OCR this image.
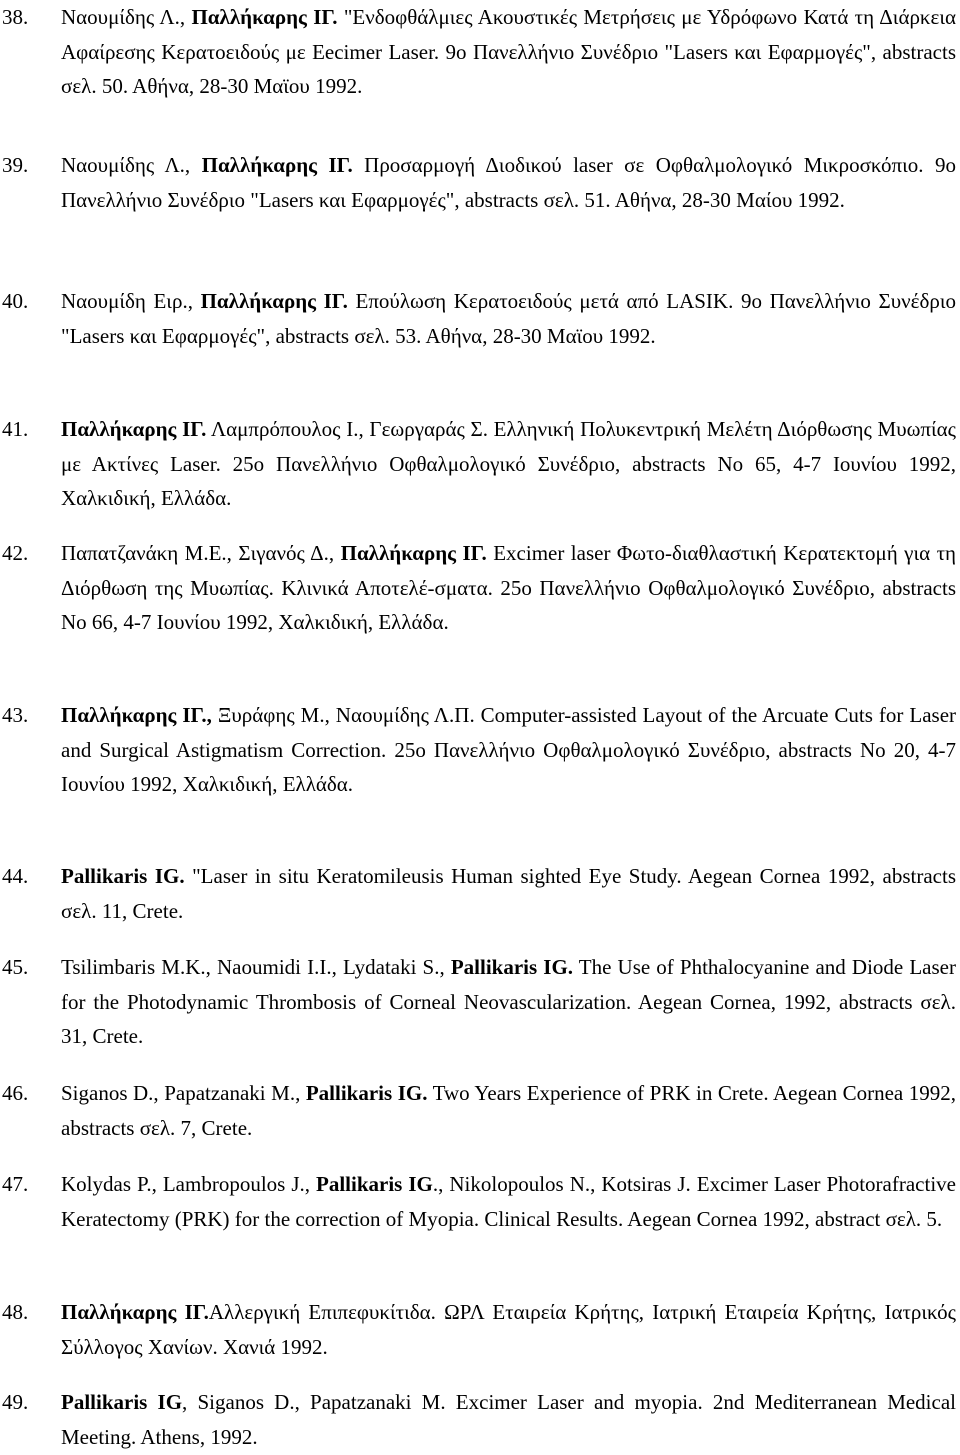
38. Ναουμίδης Λ., Παλλήκαρης ΙΓ. "Ενδοφθάλμιες Ακουστικές Μετρήσεις με Υδρόφωνο Κατά τη Διάρκεια Αφαίρεσης Κερατοειδούς με Εecimer Laser. 9ο Πανελλήνιο Συνέδριο "Lasers και Εφαρμογές", abstracts σελ. 50. Αθήνα, 28-30 Μαϊου 1992.
39. Ναουμίδης Λ., Παλλήκαρης ΙΓ. Προσαρμογή Διοδικού laser σε Οφθαλμολογικό Μικροσκόπιο. 9ο Πανελλήνιο Συνέδριο "Lasers και Εφαρμογές", abstracts σελ. 51. Αθήνα, 28-30 Μαίου 1992.
40. Ναουμίδη Ειρ., Παλλήκαρης ΙΓ. Επούλωση Κερατοειδούς μετά από LASIK. 9ο Πανελλήνιο Συνέδριο "Lasers και Εφαρμογές", abstracts σελ. 53. Αθήνα, 28-30 Μαϊου 1992.
41. Παλλήκαρης ΙΓ. Λαμπρόπουλος Ι., Γεωργαράς Σ. Ελληνική Πολυκεντρική Μελέτη Διόρθωσης Μυωπίας με Ακτίνες Laser. 25ο Πανελλήνιο Οφθαλμολογικό Συνέδριο, abstracts Νο 65, 4-7 Ιουνίου 1992, Χαλκιδική, Ελλάδα.
42. Παπατζανάκη Μ.Ε., Σιγανός Δ., Παλλήκαρης ΙΓ. Excimer laser Φωτο-διαθλαστική Κερατεκτομή για τη Διόρθωση της Μυωπίας. Κλινικά Αποτελέ-σματα. 25ο Πανελλήνιο Οφθαλμολογικό Συνέδριο, abstracts Νο 66, 4-7 Ιουνίου 1992, Χαλκιδική, Ελλάδα.
43. Παλλήκαρης ΙΓ., Ξυράφης Μ., Ναουμίδης Λ.Π. Computer-assisted Layout of the Arcuate Cuts for Laser and Surgical Astigmatism Correction. 25ο Πανελλήνιο Οφθαλμολογικό Συνέδριο, abstracts Νο 20, 4-7 Ιουνίου 1992, Χαλκιδική, Ελλάδα.
44. Pallikaris IG. "Laser in situ Keratomileusis Human sighted Eye Study. Aegean Cornea 1992, abstracts σελ. 11, Crete.
45. Tsilimbaris M.K., Naoumidi I.I., Lydataki S., Pallikaris IG. The Use of Phthalocyanine and Diode Laser for the Photodynamic Thrombosis of Corneal Neovascularization. Aegean Cornea, 1992, abstracts σελ. 31, Crete.
46. Siganos D., Papatzanaki M., Pallikaris IG. Two Years Experience of PRK in Crete. Aegean Cornea 1992, abstracts σελ. 7, Crete.
47. Kolydas P., Lambropoulos J., Pallikaris IG., Nikolopoulos N., Kotsiras J. Excimer Laser Photorafractive Keratectomy (PRK) for the correction of Myopia. Clinical Results. Aegean Cornea 1992, abstract σελ. 5.
48. Παλλήκαρης ΙΓ.Αλλεργική Επιπεφυκίτιδα. ΩΡΛ Εταιρεία Κρήτης, Ιατρική Εταιρεία Κρήτης, Ιατρικός Σύλλογος Χανίων. Χανιά 1992.
49. Pallikaris IG, Siganos D., Papatzanaki M. Excimer Laser and myopia. 2nd Mediterranean Medical Meeting. Athens, 1992.
